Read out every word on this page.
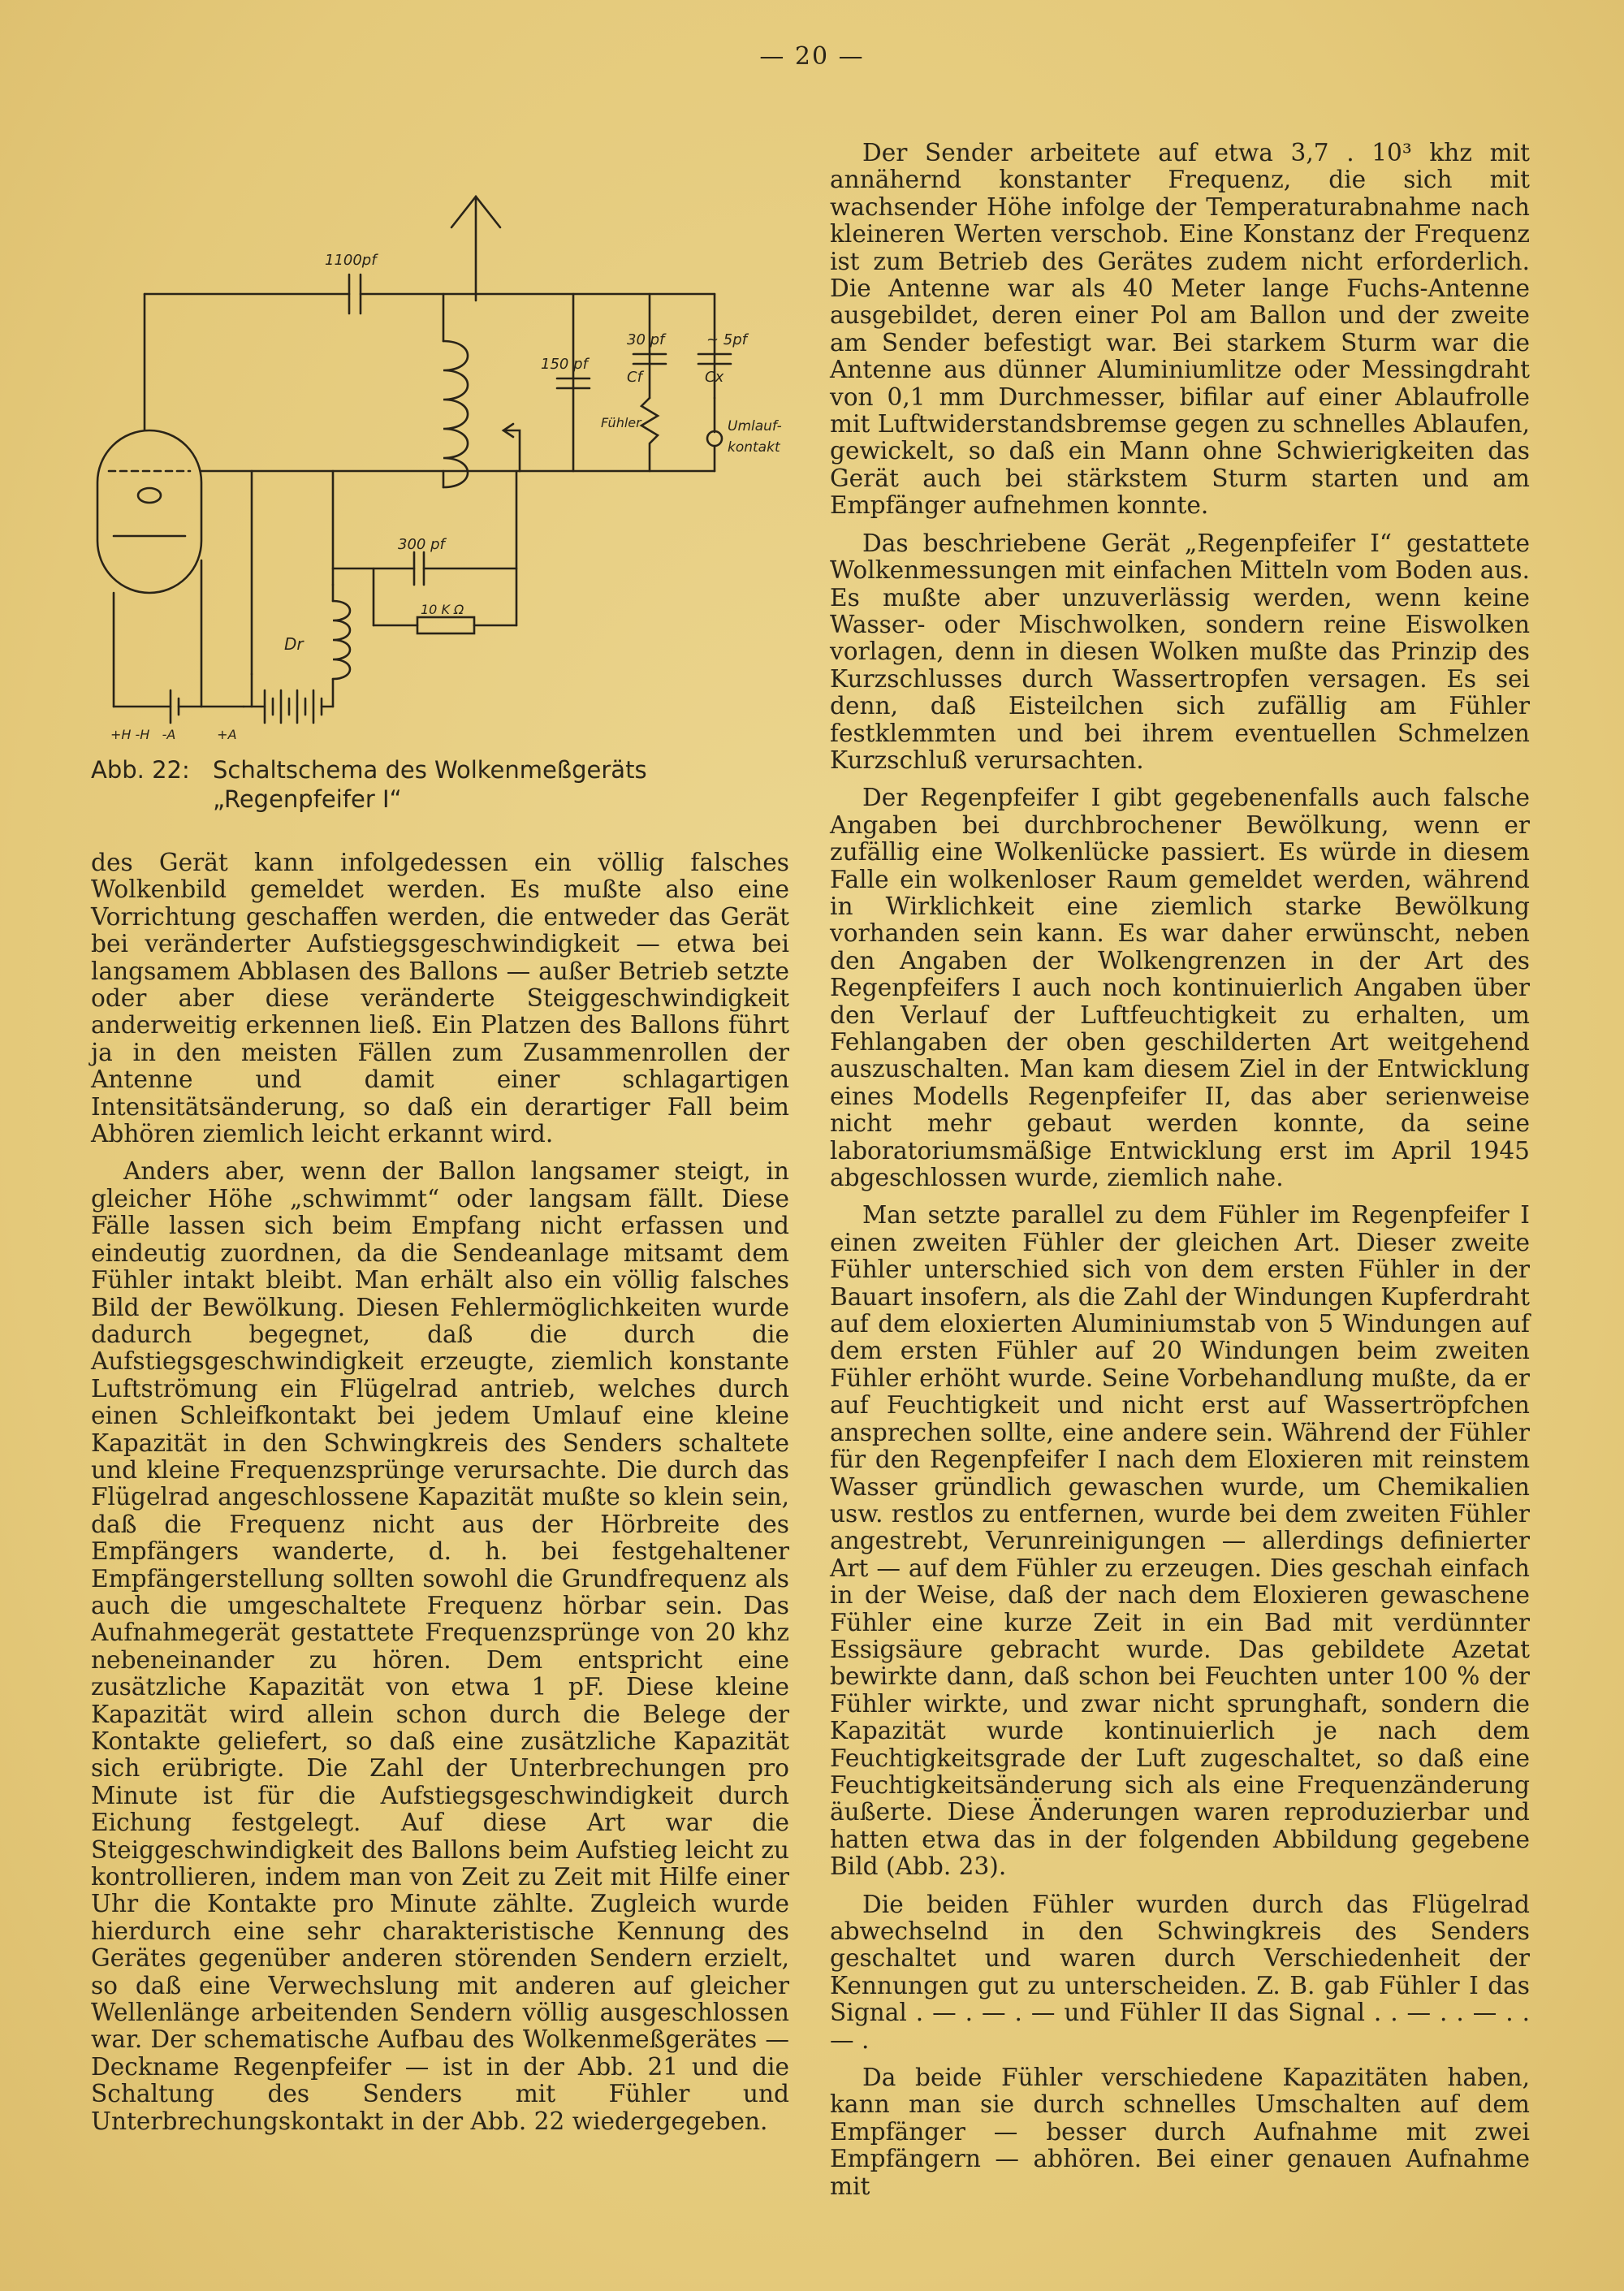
— 20 —
1100pf
150 pf
30 pf
Cf
~ 5pf
Cx
Fühler	Umlauf-
kontakt
300 pf
10 K Ω
Dr
+H -H   -A          +A
Abb. 22: Schaltschema des Wolkenmeßgeräts „Regenpfeifer I“

des Gerät kann infolgedessen ein völlig falsches Wolkenbild gemeldet werden. Es mußte also eine Vorrichtung geschaffen werden, die entweder das Gerät bei veränderter Aufstiegsgeschwindigkeit — etwa bei langsamem Abblasen des Ballons — außer Betrieb setzte oder aber diese veränderte Steiggeschwindigkeit anderweitig erkennen ließ. Ein Platzen des Ballons führt ja in den meisten Fällen zum Zusammenrollen der Antenne und damit einer schlagartigen Intensitätsänderung, so daß ein derartiger Fall beim Abhören ziemlich leicht erkannt wird.

Anders aber, wenn der Ballon langsamer steigt, in gleicher Höhe „schwimmt“ oder langsam fällt. Diese Fälle lassen sich beim Empfang nicht erfassen und eindeutig zuordnen, da die Sendeanlage mitsamt dem Fühler intakt bleibt. Man erhält also ein völlig falsches Bild der Bewölkung. Diesen Fehlermöglichkeiten wurde dadurch begegnet, daß die durch die Aufstiegsgeschwindigkeit erzeugte, ziemlich konstante Luftströmung ein Flügelrad antrieb, welches durch einen Schleifkontakt bei jedem Umlauf eine kleine Kapazität in den Schwingkreis des Senders schaltete und kleine Frequenzsprünge verursachte. Die durch das Flügelrad angeschlossene Kapazität mußte so klein sein, daß die Frequenz nicht aus der Hörbreite des Empfängers wanderte, d. h. bei festgehaltener Empfängerstellung sollten sowohl die Grundfrequenz als auch die umgeschaltete Frequenz hörbar sein. Das Aufnahmegerät gestattete Frequenzsprünge von 20 khz nebeneinander zu hören. Dem entspricht eine zusätzliche Kapazität von etwa 1 pF. Diese kleine Kapazität wird allein schon durch die Belege der Kontakte geliefert, so daß eine zusätzliche Kapazität sich erübrigte. Die Zahl der Unterbrechungen pro Minute ist für die Aufstiegsgeschwindigkeit durch Eichung festgelegt. Auf diese Art war die Steiggeschwindigkeit des Ballons beim Aufstieg leicht zu kontrollieren, indem man von Zeit zu Zeit mit Hilfe einer Uhr die Kontakte pro Minute zählte. Zugleich wurde hierdurch eine sehr charakteristische Kennung des Gerätes gegenüber anderen störenden Sendern erzielt, so daß eine Verwechslung mit anderen auf gleicher Wellenlänge arbeitenden Sendern völlig ausgeschlossen war. Der schematische Aufbau des Wolkenmeßgerätes — Deckname Regenpfeifer — ist in der Abb. 21 und die Schaltung des Senders mit Fühler und Unterbrechungskontakt in der Abb. 22 wiedergegeben.

Der Sender arbeitete auf etwa 3,7 . 10³ khz mit annähernd konstanter Frequenz, die sich mit wachsender Höhe infolge der Temperaturabnahme nach kleineren Werten verschob. Eine Konstanz der Frequenz ist zum Betrieb des Gerätes zudem nicht erforderlich. Die Antenne war als 40 Meter lange Fuchs-Antenne ausgebildet, deren einer Pol am Ballon und der zweite am Sender befestigt war. Bei starkem Sturm war die Antenne aus dünner Aluminiumlitze oder Messingdraht von 0,1 mm Durchmesser, bifilar auf einer Ablaufrolle mit Luftwiderstandsbremse gegen zu schnelles Ablaufen, gewickelt, so daß ein Mann ohne Schwierigkeiten das Gerät auch bei stärkstem Sturm starten und am Empfänger aufnehmen konnte.

Das beschriebene Gerät „Regenpfeifer I“ gestattete Wolkenmessungen mit einfachen Mitteln vom Boden aus. Es mußte aber unzuverlässig werden, wenn keine Wasser- oder Mischwolken, sondern reine Eiswolken vorlagen, denn in diesen Wolken mußte das Prinzip des Kurzschlusses durch Wassertropfen versagen. Es sei denn, daß Eisteilchen sich zufällig am Fühler festklemmten und bei ihrem eventuellen Schmelzen Kurzschluß verursachten.

Der Regenpfeifer I gibt gegebenenfalls auch falsche Angaben bei durchbrochener Bewölkung, wenn er zufällig eine Wolkenlücke passiert. Es würde in diesem Falle ein wolkenloser Raum gemeldet werden, während in Wirklichkeit eine ziemlich starke Bewölkung vorhanden sein kann. Es war daher erwünscht, neben den Angaben der Wolkengrenzen in der Art des Regenpfeifers I auch noch kontinuierlich Angaben über den Verlauf der Luftfeuchtigkeit zu erhalten, um Fehlangaben der oben geschilderten Art weitgehend auszuschalten. Man kam diesem Ziel in der Entwicklung eines Modells Regenpfeifer II, das aber serienweise nicht mehr gebaut werden konnte, da seine laboratoriumsmäßige Entwicklung erst im April 1945 abgeschlossen wurde, ziemlich nahe.

Man setzte parallel zu dem Fühler im Regenpfeifer I einen zweiten Fühler der gleichen Art. Dieser zweite Fühler unterschied sich von dem ersten Fühler in der Bauart insofern, als die Zahl der Windungen Kupferdraht auf dem eloxierten Aluminiumstab von 5 Windungen auf dem ersten Fühler auf 20 Windungen beim zweiten Fühler erhöht wurde. Seine Vorbehandlung mußte, da er auf Feuchtigkeit und nicht erst auf Wassertröpfchen ansprechen sollte, eine andere sein. Während der Fühler für den Regenpfeifer I nach dem Eloxieren mit reinstem Wasser gründlich gewaschen wurde, um Chemikalien usw. restlos zu entfernen, wurde bei dem zweiten Fühler angestrebt, Verunreinigungen — allerdings definierter Art — auf dem Fühler zu erzeugen. Dies geschah einfach in der Weise, daß der nach dem Eloxieren gewaschene Fühler eine kurze Zeit in ein Bad mit verdünnter Essigsäure gebracht wurde. Das gebildete Azetat bewirkte dann, daß schon bei Feuchten unter 100 % der Fühler wirkte, und zwar nicht sprunghaft, sondern die Kapazität wurde kontinuierlich je nach dem Feuchtigkeitsgrade der Luft zugeschaltet, so daß eine Feuchtigkeitsänderung sich als eine Frequenzänderung äußerte. Diese Änderungen waren reproduzierbar und hatten etwa das in der folgenden Abbildung gegebene Bild (Abb. 23).

Die beiden Fühler wurden durch das Flügelrad abwechselnd in den Schwingkreis des Senders geschaltet und waren durch Verschiedenheit der Kennungen gut zu unterscheiden. Z. B. gab Fühler I das Signal . — . — . — und Fühler II das Signal . . — . . — . . — .

Da beide Fühler verschiedene Kapazitäten haben, kann man sie durch schnelles Umschalten auf dem Empfänger — besser durch Aufnahme mit zwei Empfängern — abhören. Bei einer genauen Aufnahme mit
